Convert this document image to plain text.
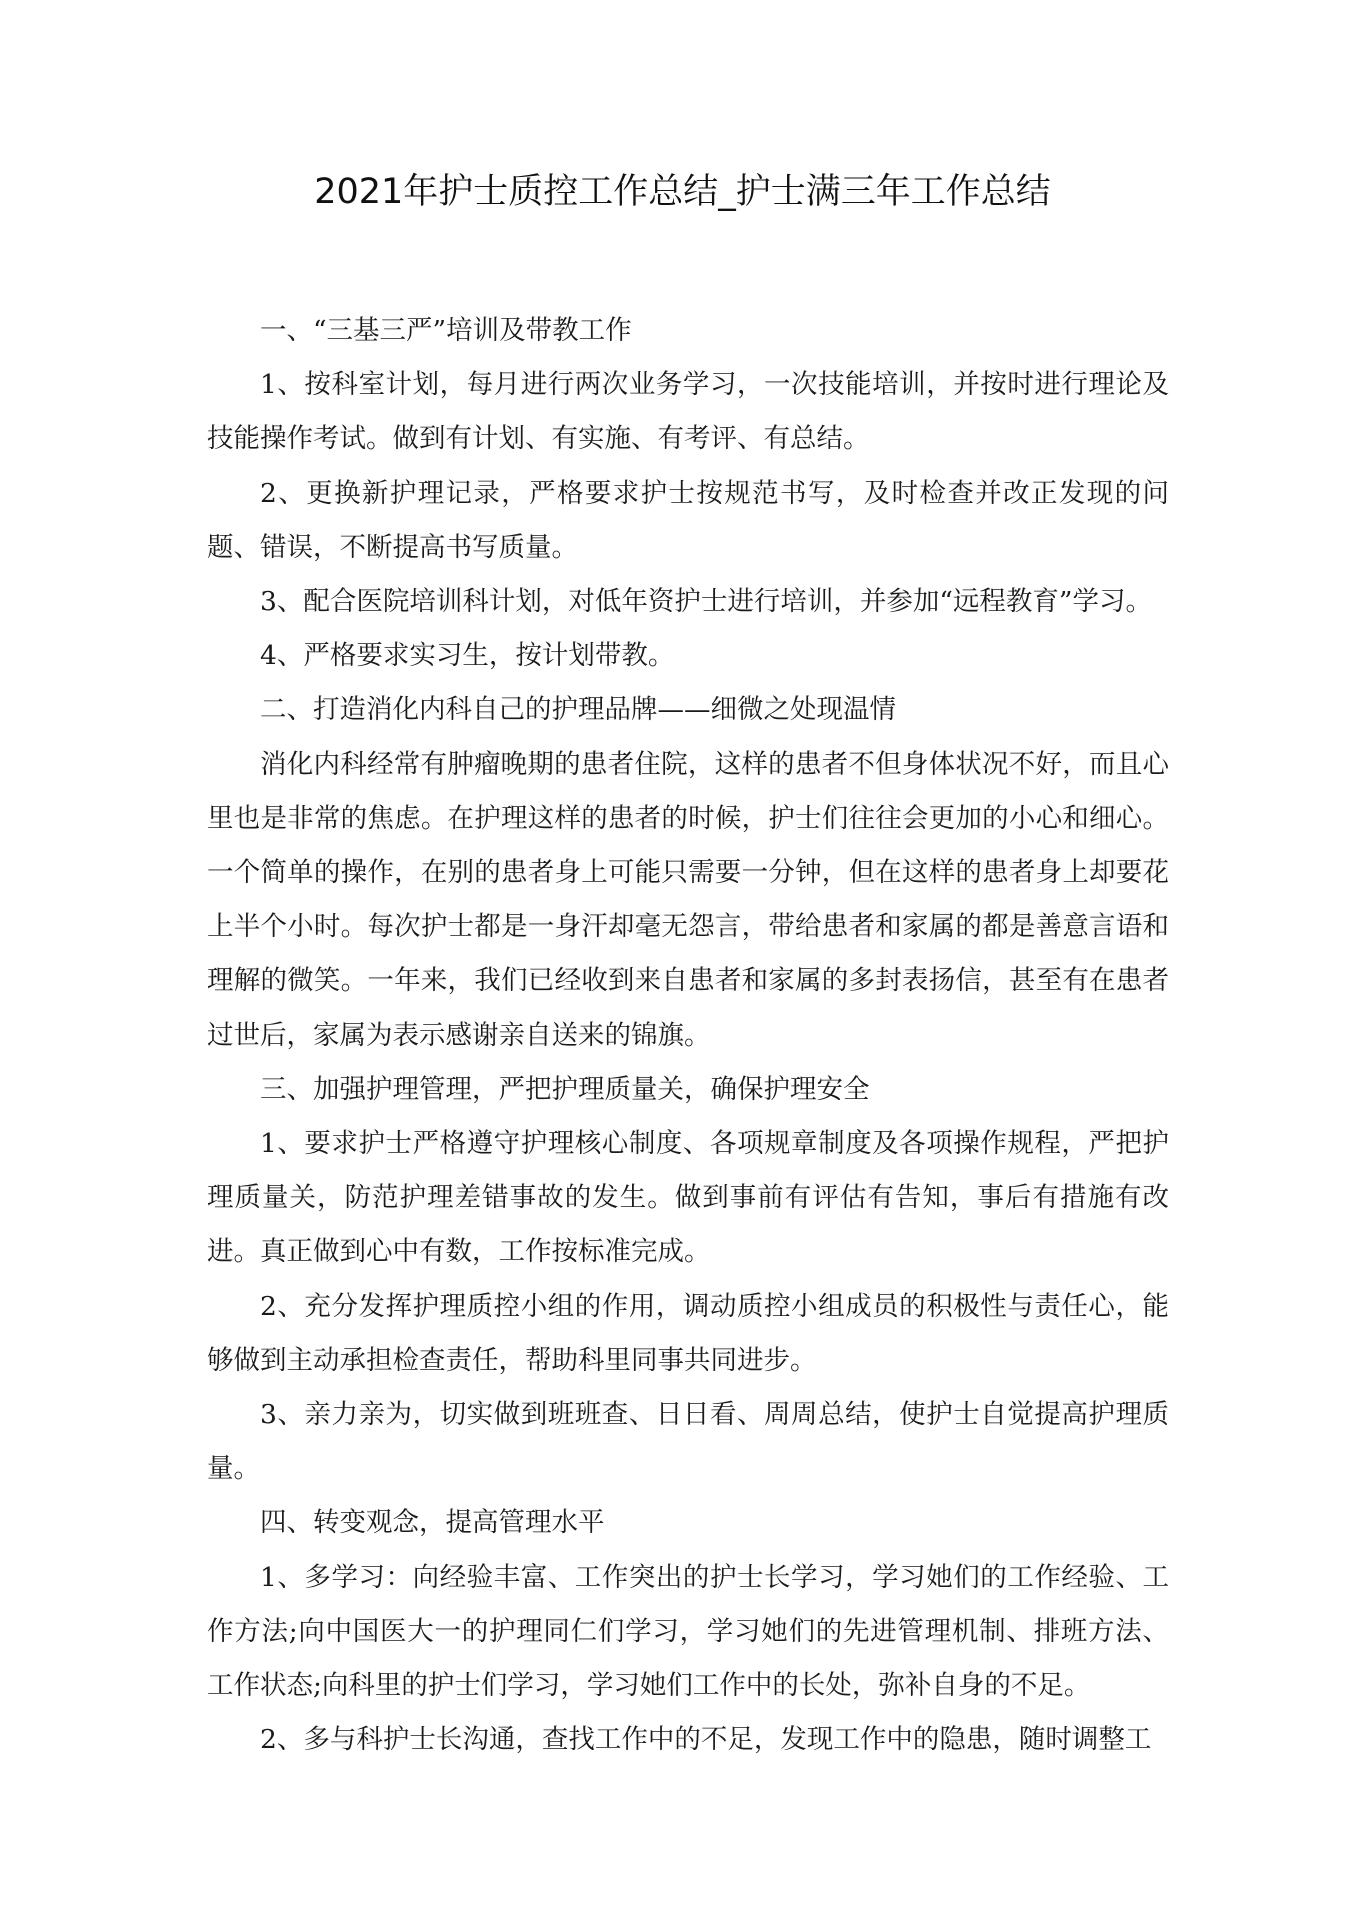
2021年护士质控工作总结_护士满三年工作总结

一、“三基三严”培训及带教工作

1、按科室计划，每月进行两次业务学习，一次技能培训，并按时进行理论及技能操作考试。做到有计划、有实施、有考评、有总结。

2、更换新护理记录，严格要求护士按规范书写，及时检查并改正发现的问题、错误，不断提高书写质量。

3、配合医院培训科计划，对低年资护士进行培训，并参加“远程教育”学习。

4、严格要求实习生，按计划带教。

二、打造消化内科自己的护理品牌——细微之处现温情

消化内科经常有肿瘤晚期的患者住院，这样的患者不但身体状况不好，而且心里也是非常的焦虑。在护理这样的患者的时候，护士们往往会更加的小心和细心。一个简单的操作，在别的患者身上可能只需要一分钟，但在这样的患者身上却要花上半个小时。每次护士都是一身汗却毫无怨言，带给患者和家属的都是善意言语和理解的微笑。一年来，我们已经收到来自患者和家属的多封表扬信，甚至有在患者过世后，家属为表示感谢亲自送来的锦旗。

三、加强护理管理，严把护理质量关，确保护理安全

1、要求护士严格遵守护理核心制度、各项规章制度及各项操作规程，严把护理质量关，防范护理差错事故的发生。做到事前有评估有告知，事后有措施有改进。真正做到心中有数，工作按标准完成。

2、充分发挥护理质控小组的作用，调动质控小组成员的积极性与责任心，能够做到主动承担检查责任，帮助科里同事共同进步。

3、亲力亲为，切实做到班班查、日日看、周周总结，使护士自觉提高护理质量。

四、转变观念，提高管理水平

1、多学习：向经验丰富、工作突出的护士长学习，学习她们的工作经验、工作方法;向中国医大一的护理同仁们学习，学习她们的先进管理机制、排班方法、工作状态;向科里的护士们学习，学习她们工作中的长处，弥补自身的不足。

2、多与科护士长沟通，查找工作中的不足，发现工作中的隐患，随时调整工
